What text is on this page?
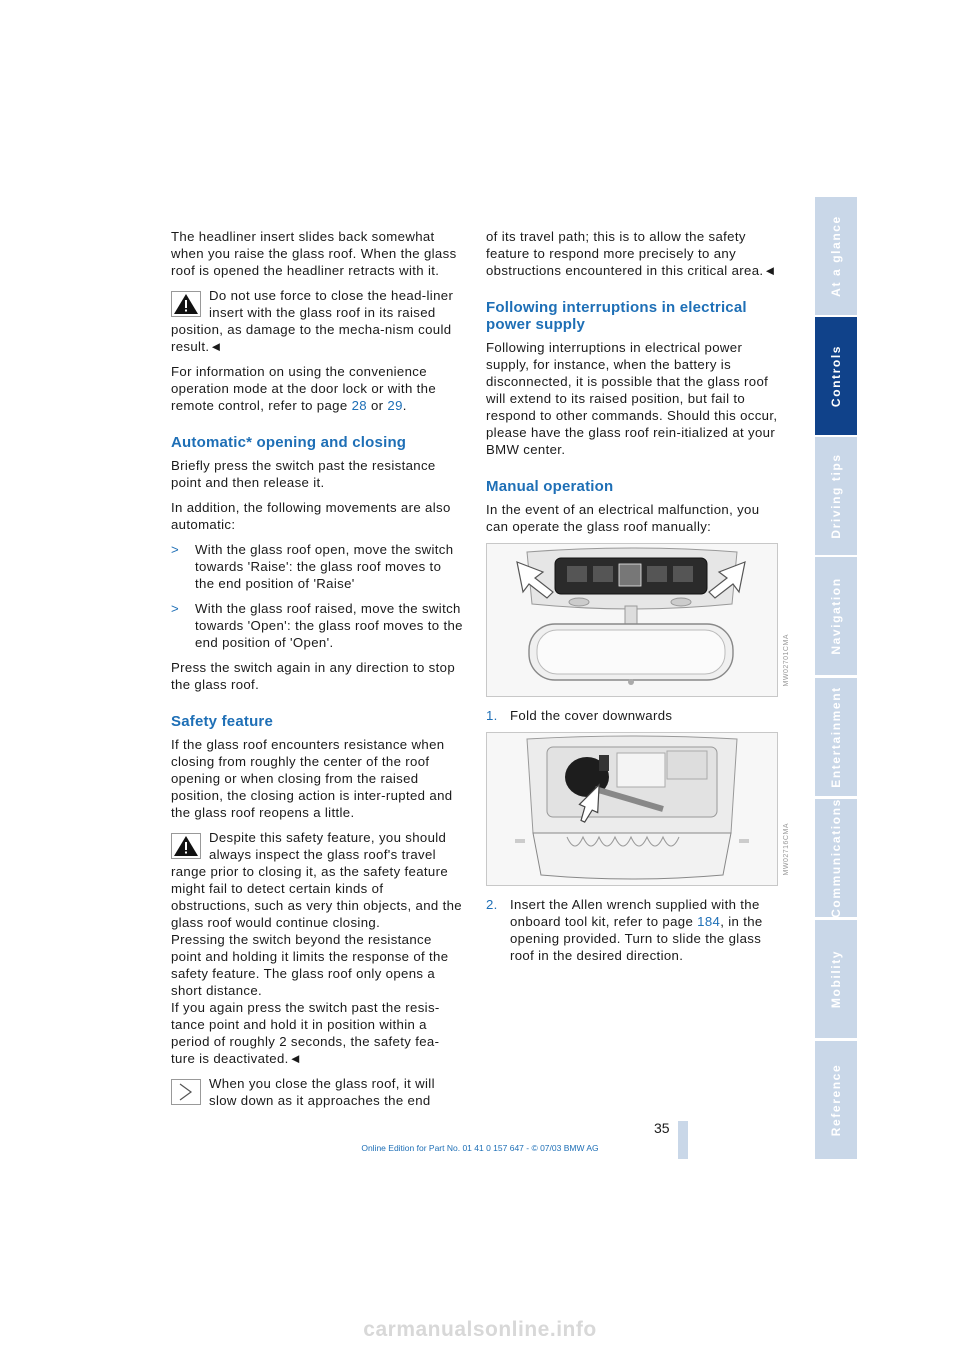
The headliner insert slides back somewhat when you raise the glass roof. When the glass roof is opened the headliner retracts with it.

Do not use force to close the head-liner insert with the glass roof in its raised position, as damage to the mecha-nism could result.◄

For information on using the convenience operation mode at the door lock or with the remote control, refer to page 28 or 29.

Automatic* opening and closing

Briefly press the switch past the resistance point and then release it.

In addition, the following movements are also automatic:

> With the glass roof open, move the switch towards 'Raise': the glass roof moves to the end position of 'Raise'
> With the glass roof raised, move the switch towards 'Open': the glass roof moves to the end position of 'Open'.

Press the switch again in any direction to stop the glass roof.

Safety feature

If the glass roof encounters resistance when closing from roughly the center of the roof opening or when closing from the raised position, the closing action is inter-rupted and the glass roof reopens a little.

Despite this safety feature, you should always inspect the glass roof's travel range prior to closing it, as the safety feature might fail to detect certain kinds of obstructions, such as very thin objects, and the glass roof would continue closing.
Pressing the switch beyond the resistance point and holding it limits the response of the safety feature. The glass roof only opens a short distance.
If you again press the switch past the resis-tance point and hold it in position within a period of roughly 2 seconds, the safety fea-ture is deactivated.◄
When you close the glass roof, it will slow down as it approaches the end

of its travel path; this is to allow the safety feature to respond more precisely to any obstructions encountered in this critical area.◄

Following interruptions in electrical power supply

Following interruptions in electrical power supply, for instance, when the battery is disconnected, it is possible that the glass roof will extend to its raised position, but fail to respond to other commands. Should this occur, please have the glass roof rein-itialized at your BMW center.

Manual operation

In the event of an electrical malfunction, you can operate the glass roof manually:

MW02701CMA
1. Fold the cover downwards
MW02716CMA
2. Insert the Allen wrench supplied with the onboard tool kit, refer to page 184, in the opening provided. Turn to slide the glass roof in the desired direction.
At a glance
Controls
Driving tips
Navigation
Entertainment
Communications
Mobility
Reference
35
Online Edition for Part No. 01 41 0 157 647 - © 07/03 BMW AG
carmanualsonline.info
